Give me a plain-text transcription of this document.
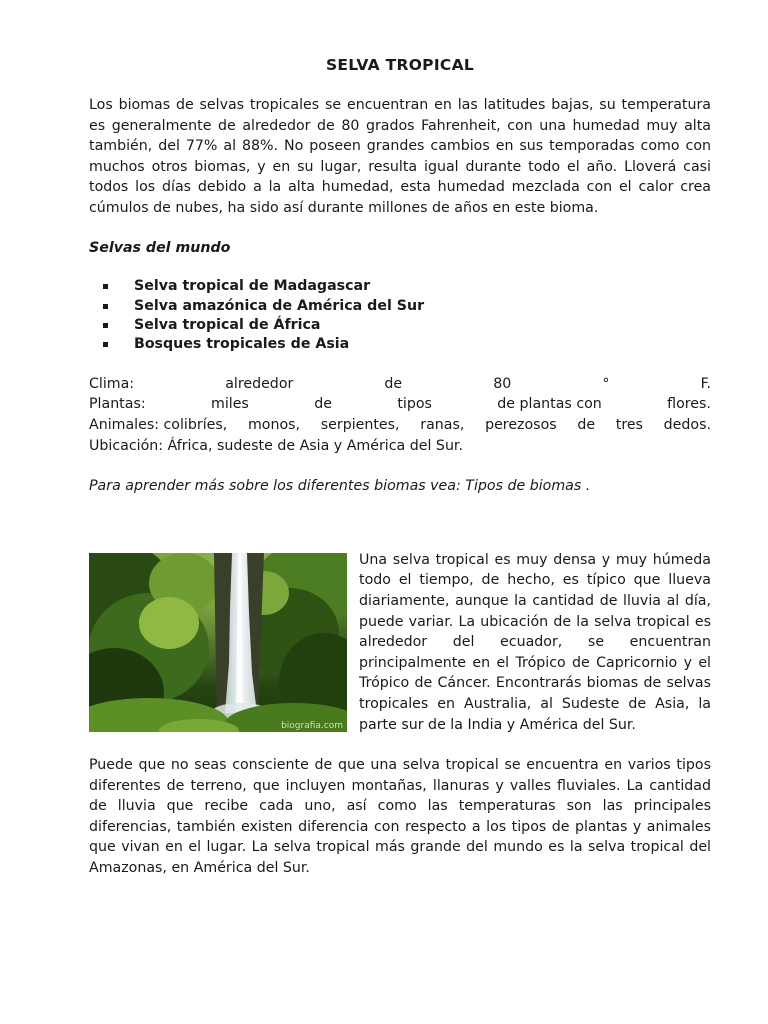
SELVA TROPICAL

Los biomas de selvas tropicales se encuentran en las latitudes bajas, su temperatura es generalmente de alrededor de 80 grados Fahrenheit, con una humedad muy alta también, del 77% al 88%. No poseen grandes cambios en sus temporadas como con muchos otros biomas, y en su lugar, resulta igual durante todo el año. Lloverá casi todos los días debido a la alta humedad, esta humedad mezclada con el calor crea cúmulos de nubes, ha sido así durante millones de años en este bioma.

Selvas del mundo
Selva tropical de Madagascar
Selva amazónica de América del Sur
Selva tropical de África
Bosques tropicales de Asia
Clima:	alrededor	de	80	°	F.
Plantas:	miles	de	tipos	de plantas con	flores.
Animales: colibríes, monos, serpientes, ranas, perezosos de tres dedos.
Ubicación: África, sudeste de Asia y América del Sur.

Para aprender más sobre los diferentes biomas vea: Tipos de biomas .

biografia.com

Una selva tropical es muy densa y muy húmeda todo el tiempo, de hecho, es típico que llueva diariamente, aunque la cantidad de lluvia al día, puede variar. La ubicación de la selva tropical es alrededor del ecuador, se encuentran principalmente en el Trópico de Capricornio y el Trópico de Cáncer. Encontrarás biomas de selvas tropicales en Australia, al Sudeste de Asia, la parte sur de la India y América del Sur.

Puede que no seas consciente de que una selva tropical se encuentra en varios tipos diferentes de terreno, que incluyen montañas, llanuras y valles fluviales. La cantidad de lluvia que recibe cada uno, así como las temperaturas son las principales diferencias, también existen diferencia con respecto a los tipos de plantas y animales que vivan en el lugar. La selva tropical más grande del mundo es la selva tropical del Amazonas, en América del Sur.
